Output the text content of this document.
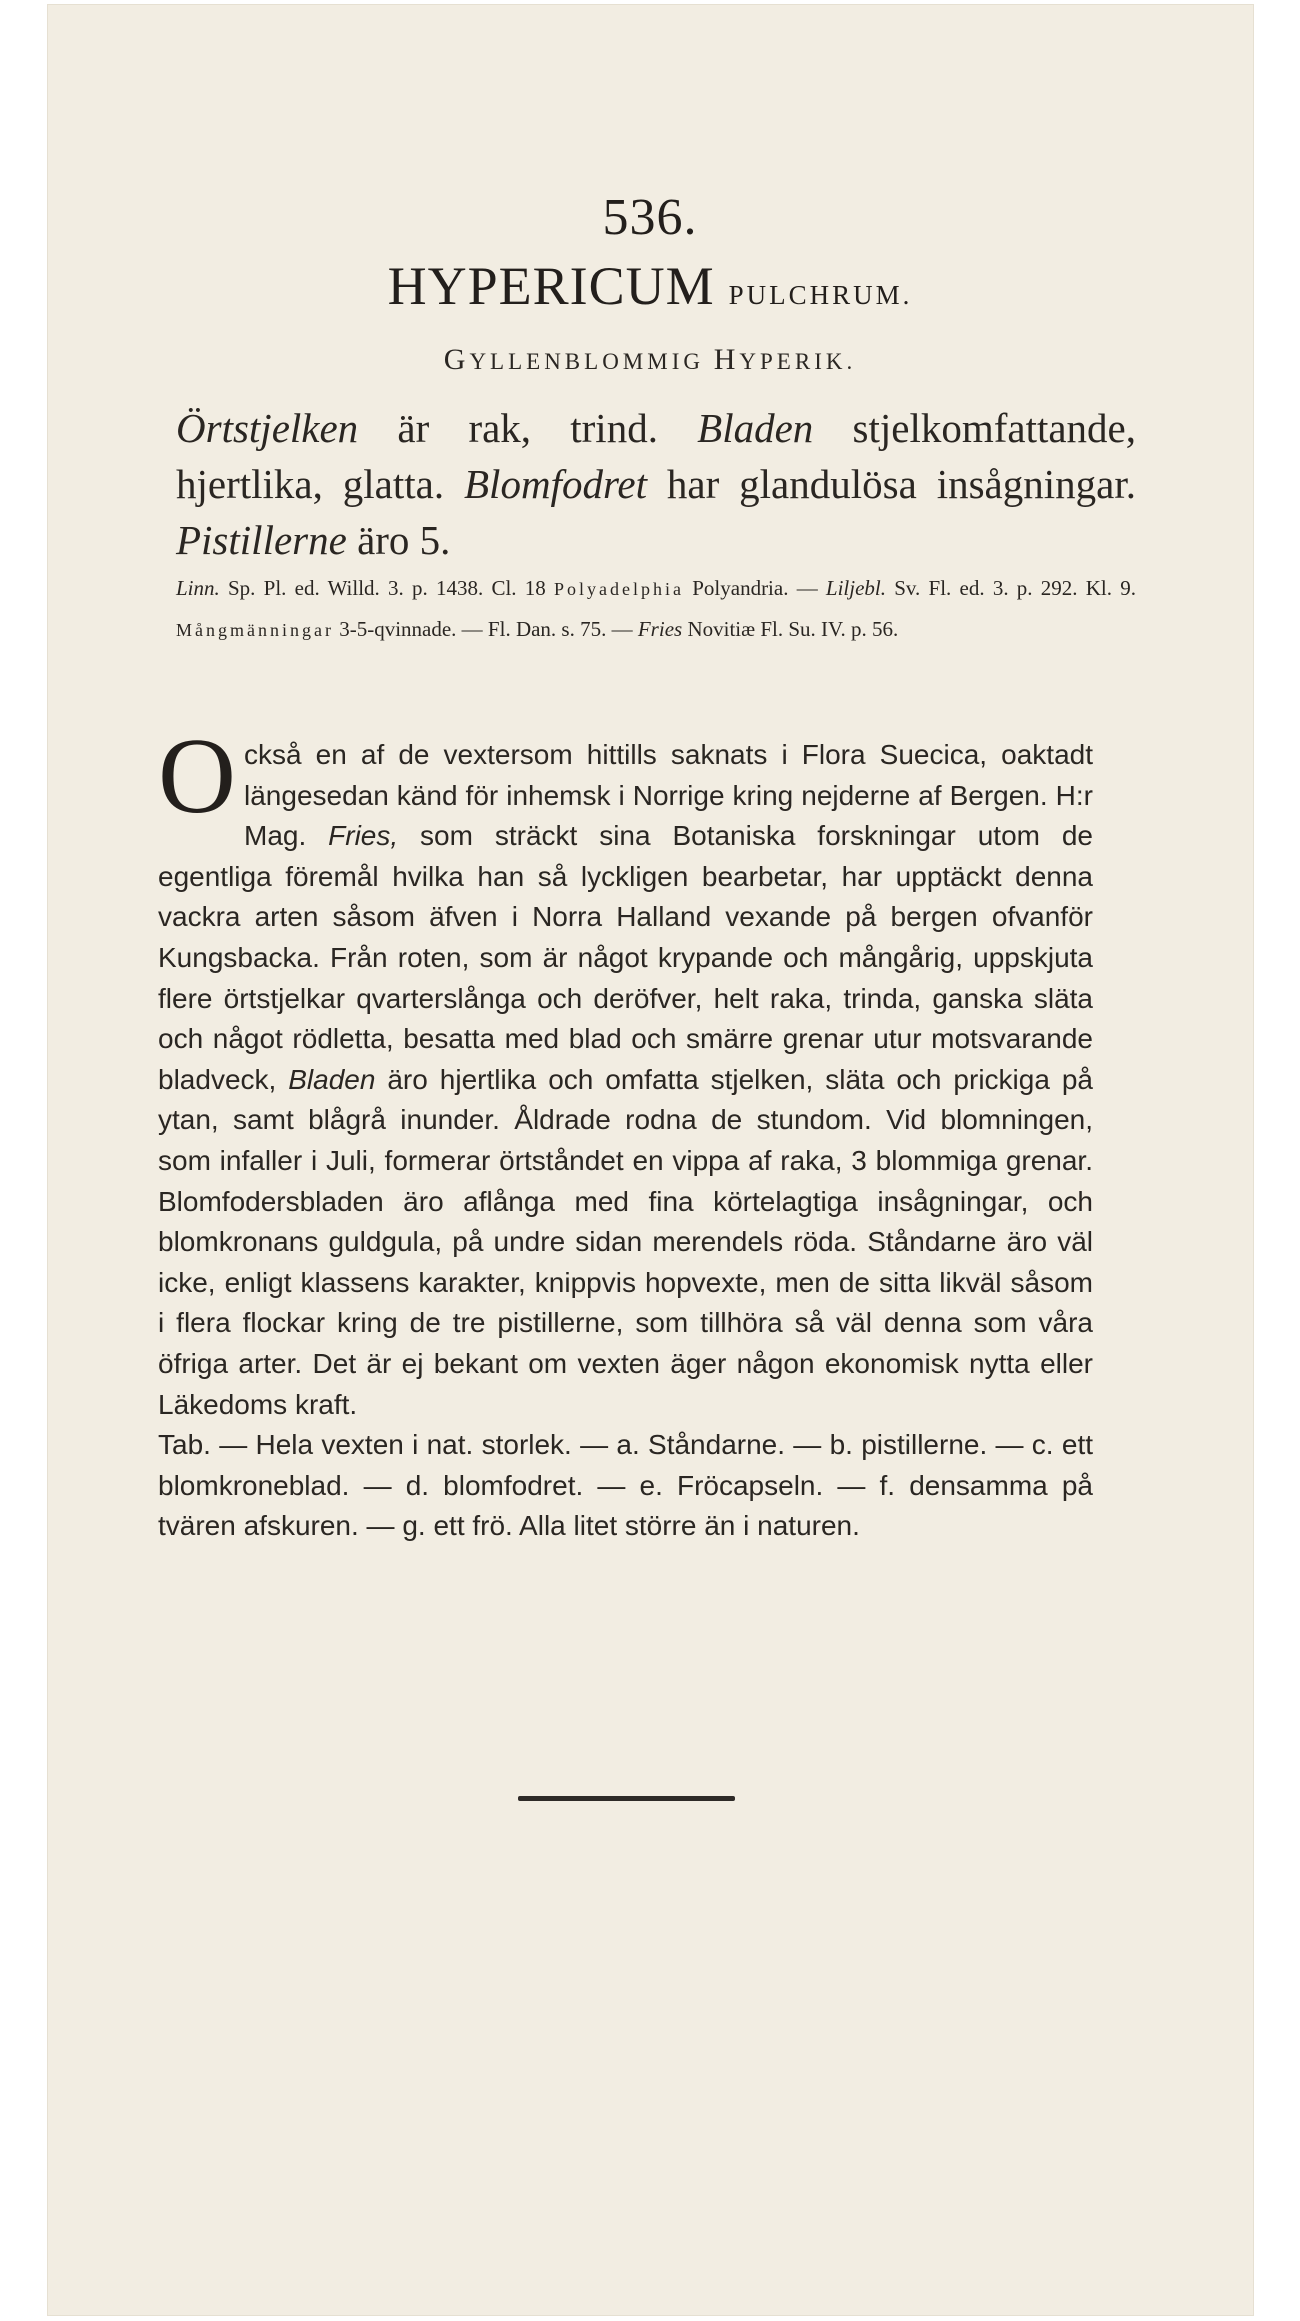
536.
HYPERICUM PULCHRUM.
GYLLENBLOMMIG HYPERIK.
Örtstjelken är rak, trind. Bladen stjelkomfattande, hjertlika, glatta. Blomfodret har glandulösa insågningar. Pistillerne äro 5.
Linn. Sp. Pl. ed. Willd. 3. p. 1438. Cl. 18 Polyadelphia Polyandria. — Liljebl. Sv. Fl. ed. 3. p. 292. Kl. 9. Mångmänningar 3-5-qvinnade. — Fl. Dan. s. 75. — Fries Novitiæ Fl. Su. IV. p. 56.

Också en af de vextersom hittills saknats i Flora Suecica, oaktadt längesedan känd för inhemsk i Norrige kring nejderne af Bergen. H:r Mag. Fries, som sträckt sina Botaniska forskningar utom de egentliga föremål hvilka han så lyckligen bearbetar, har upptäckt denna vackra arten såsom äfven i Norra Halland vexande på bergen ofvanför Kungsbacka. Från roten, som är något krypande och mångårig, uppskjuta flere örtstjelkar qvarterslånga och deröfver, helt raka, trinda, ganska släta och något rödletta, besatta med blad och smärre grenar utur motsvarande bladveck, Bladen äro hjertlika och omfatta stjelken, släta och prickiga på ytan, samt blågrå inunder. Åldrade rodna de stundom. Vid blomningen, som infaller i Juli, formerar örtståndet en vippa af raka, 3 blommiga grenar. Blomfodersbladen äro aflånga med fina körtelagtiga insågningar, och blomkronans guldgula, på undre sidan merendels röda. Ståndarne äro väl icke, enligt klassens karakter, knippvis hopvexte, men de sitta likväl såsom i flera flockar kring de tre pistillerne, som tillhöra så väl denna som våra öfriga arter. Det är ej bekant om vexten äger någon ekonomisk nytta eller Läkedoms kraft.

Tab. — Hela vexten i nat. storlek. — a. Ståndarne. — b. pistillerne. — c. ett blomkroneblad. — d. blomfodret. — e. Fröcapseln. — f. densamma på tvären afskuren. — g. ett frö. Alla litet större än i naturen.
